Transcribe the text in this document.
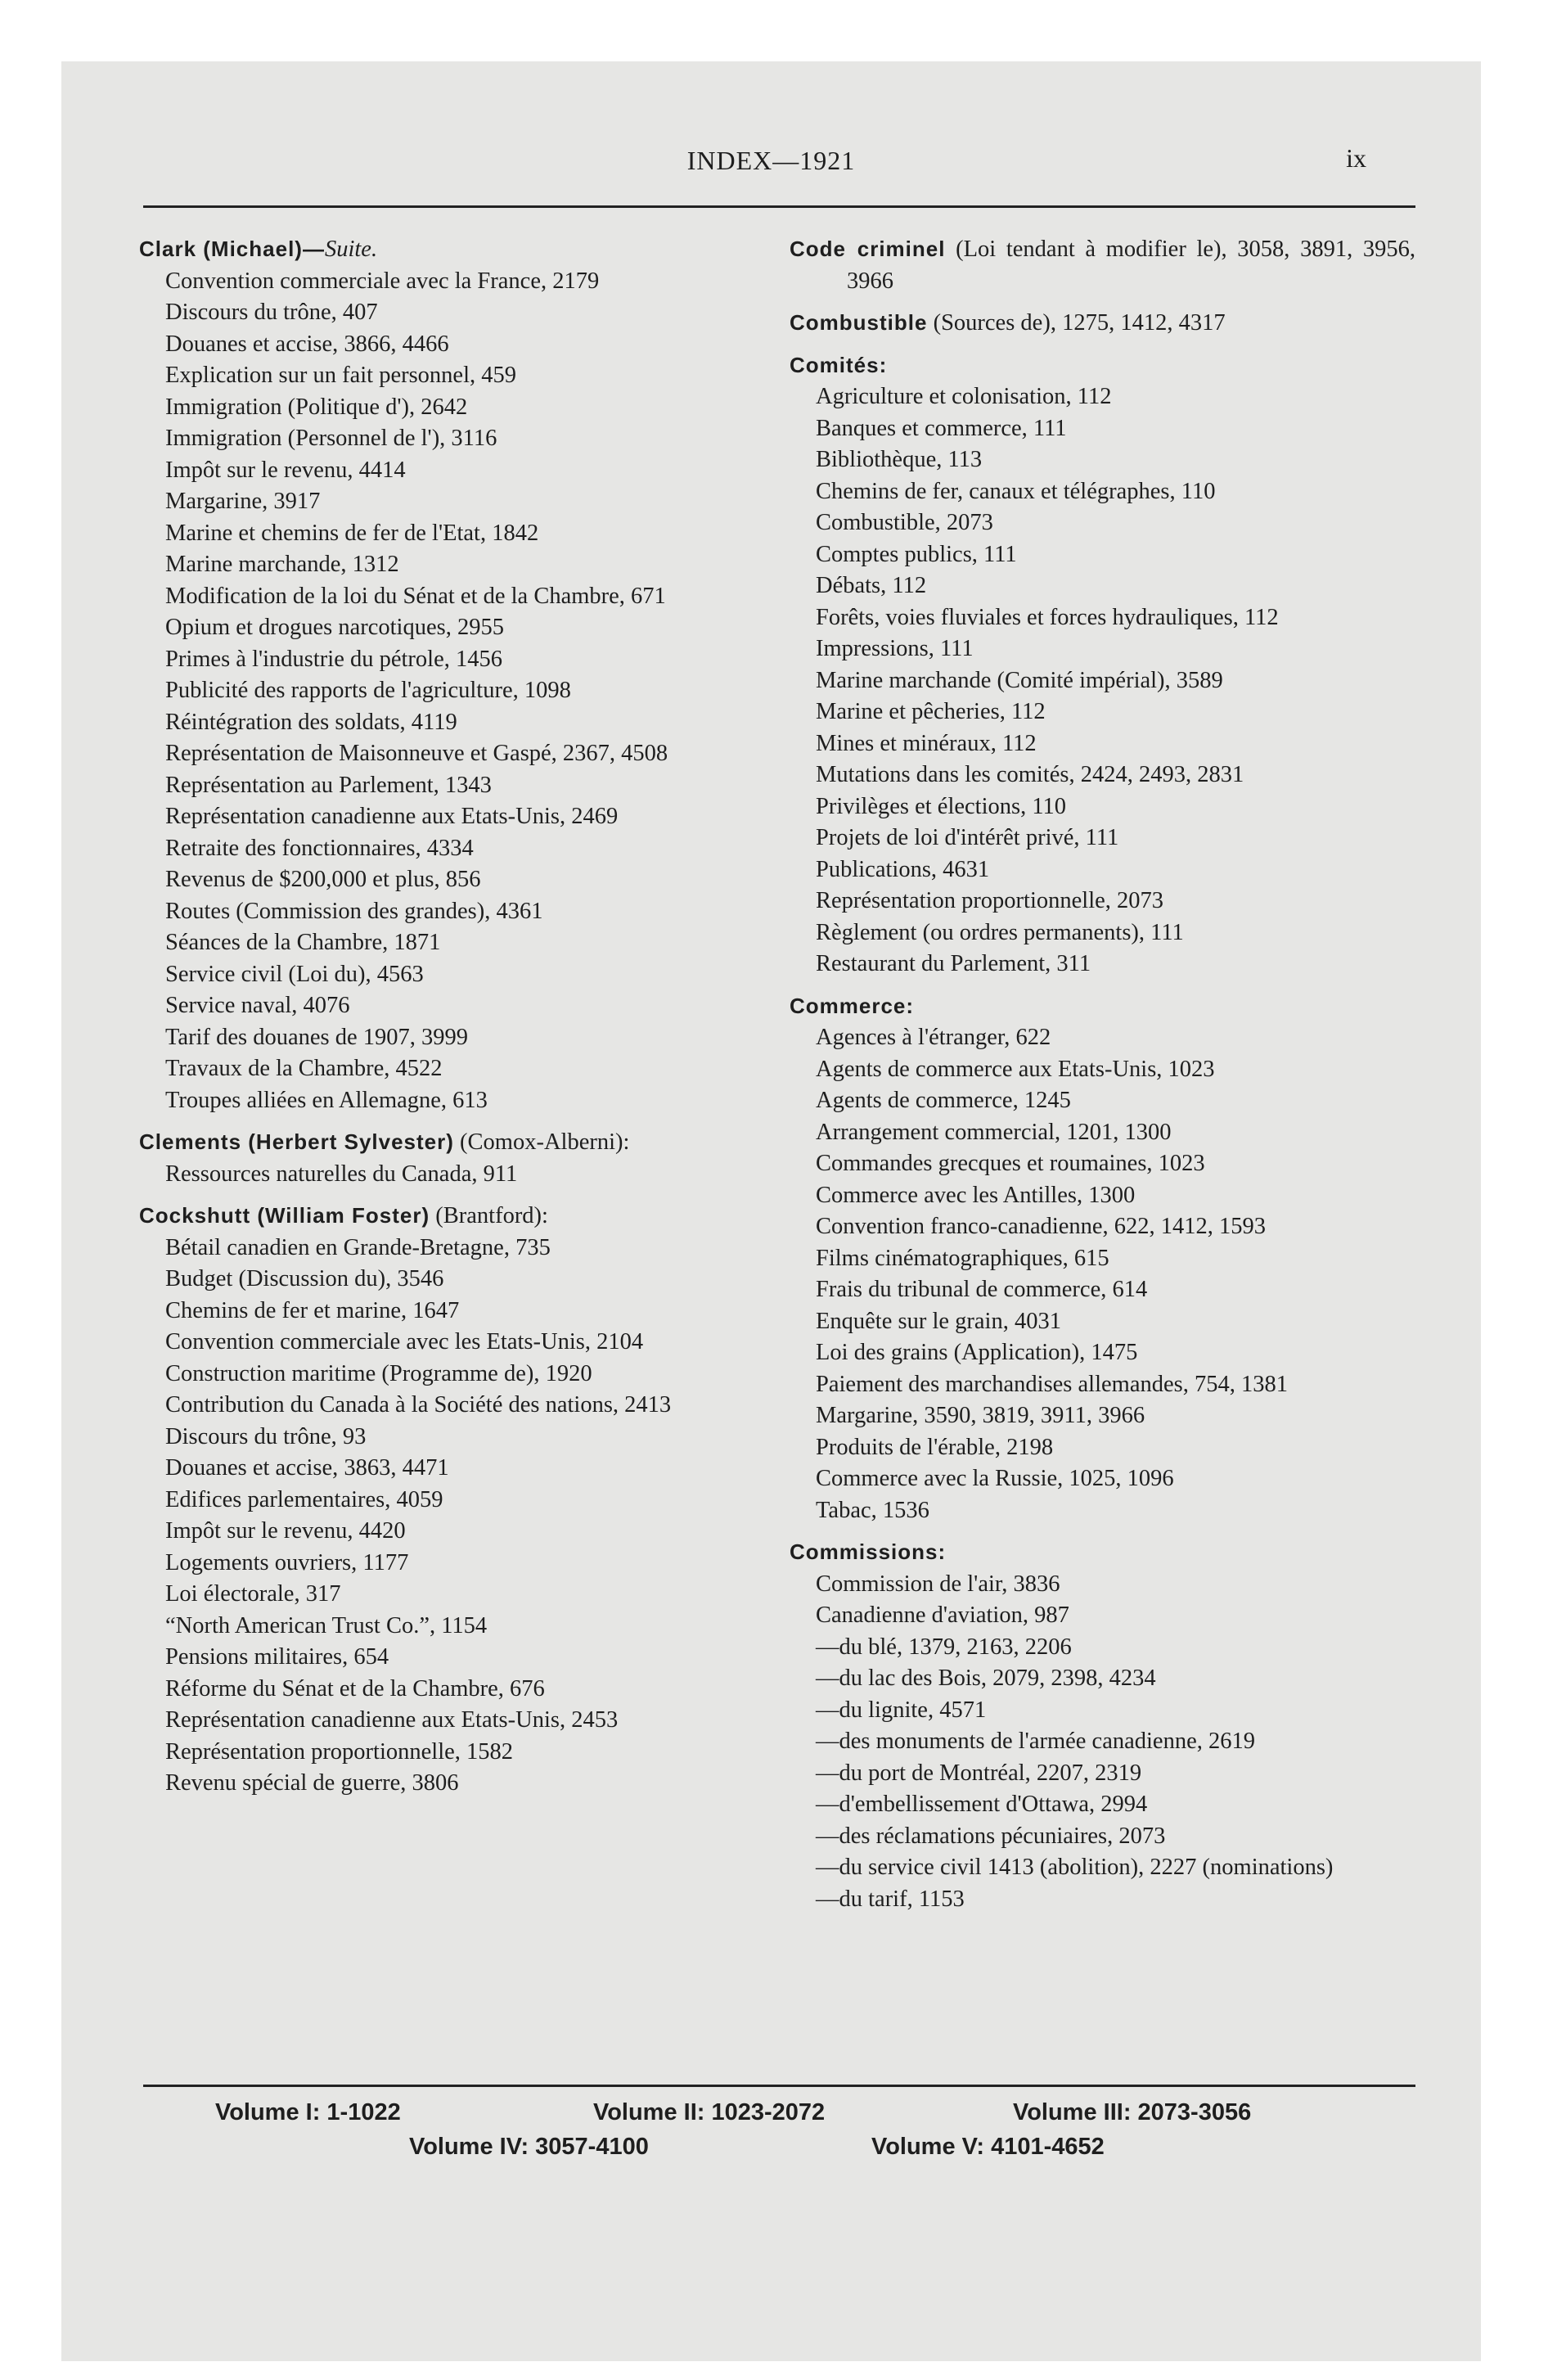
INDEX—1921	ix
Clark (Michael)—Suite.
Convention commerciale avec la France, 2179
Discours du trône, 407
Douanes et accise, 3866, 4466
Explication sur un fait personnel, 459
Immigration (Politique d'), 2642
Immigration (Personnel de l'), 3116
Impôt sur le revenu, 4414
Margarine, 3917
Marine et chemins de fer de l'Etat, 1842
Marine marchande, 1312
Modification de la loi du Sénat et de la Chambre, 671
Opium et drogues narcotiques, 2955
Primes à l'industrie du pétrole, 1456
Publicité des rapports de l'agriculture, 1098
Réintégration des soldats, 4119
Représentation de Maisonneuve et Gaspé, 2367, 4508
Représentation au Parlement, 1343
Représentation canadienne aux Etats-Unis, 2469
Retraite des fonctionnaires, 4334
Revenus de $200,000 et plus, 856
Routes (Commission des grandes), 4361
Séances de la Chambre, 1871
Service civil (Loi du), 4563
Service naval, 4076
Tarif des douanes de 1907, 3999
Travaux de la Chambre, 4522
Troupes alliées en Allemagne, 613
Clements (Herbert Sylvester) (Comox-Alberni):
Ressources naturelles du Canada, 911
Cockshutt (William Foster) (Brantford):
Bétail canadien en Grande-Bretagne, 735
Budget (Discussion du), 3546
Chemins de fer et marine, 1647
Convention commerciale avec les Etats-Unis, 2104
Construction maritime (Programme de), 1920
Contribution du Canada à la Société des nations, 2413
Discours du trône, 93
Douanes et accise, 3863, 4471
Edifices parlementaires, 4059
Impôt sur le revenu, 4420
Logements ouvriers, 1177
Loi électorale, 317
“North American Trust Co.”, 1154
Pensions militaires, 654
Réforme du Sénat et de la Chambre, 676
Représentation canadienne aux Etats-Unis, 2453
Représentation proportionnelle, 1582
Revenu spécial de guerre, 3806
Code criminel (Loi tendant à modifier le), 3058, 3891, 3956, 3966
Combustible (Sources de), 1275, 1412, 4317
Comités:
Agriculture et colonisation, 112
Banques et commerce, 111
Bibliothèque, 113
Chemins de fer, canaux et télégraphes, 110
Combustible, 2073
Comptes publics, 111
Débats, 112
Forêts, voies fluviales et forces hydrauliques, 112
Impressions, 111
Marine marchande (Comité impérial), 3589
Marine et pêcheries, 112
Mines et minéraux, 112
Mutations dans les comités, 2424, 2493, 2831
Privilèges et élections, 110
Projets de loi d'intérêt privé, 111
Publications, 4631
Représentation proportionnelle, 2073
Règlement (ou ordres permanents), 111
Restaurant du Parlement, 311
Commerce:
Agences à l'étranger, 622
Agents de commerce aux Etats-Unis, 1023
Agents de commerce, 1245
Arrangement commercial, 1201, 1300
Commandes grecques et roumaines, 1023
Commerce avec les Antilles, 1300
Convention franco-canadienne, 622, 1412, 1593
Films cinématographiques, 615
Frais du tribunal de commerce, 614
Enquête sur le grain, 4031
Loi des grains (Application), 1475
Paiement des marchandises allemandes, 754, 1381
Margarine, 3590, 3819, 3911, 3966
Produits de l'érable, 2198
Commerce avec la Russie, 1025, 1096
Tabac, 1536
Commissions:
Commission de l'air, 3836
Canadienne d'aviation, 987
—du blé, 1379, 2163, 2206
—du lac des Bois, 2079, 2398, 4234
—du lignite, 4571
—des monuments de l'armée canadienne, 2619
—du port de Montréal, 2207, 2319
—d'embellissement d'Ottawa, 2994
—des réclamations pécuniaires, 2073
—du service civil 1413 (abolition), 2227 (nominations)
—du tarif, 1153
Volume I: 1-1022	Volume II: 1023-2072	Volume III: 2073-3056
Volume IV: 3057-4100	Volume V: 4101-4652
